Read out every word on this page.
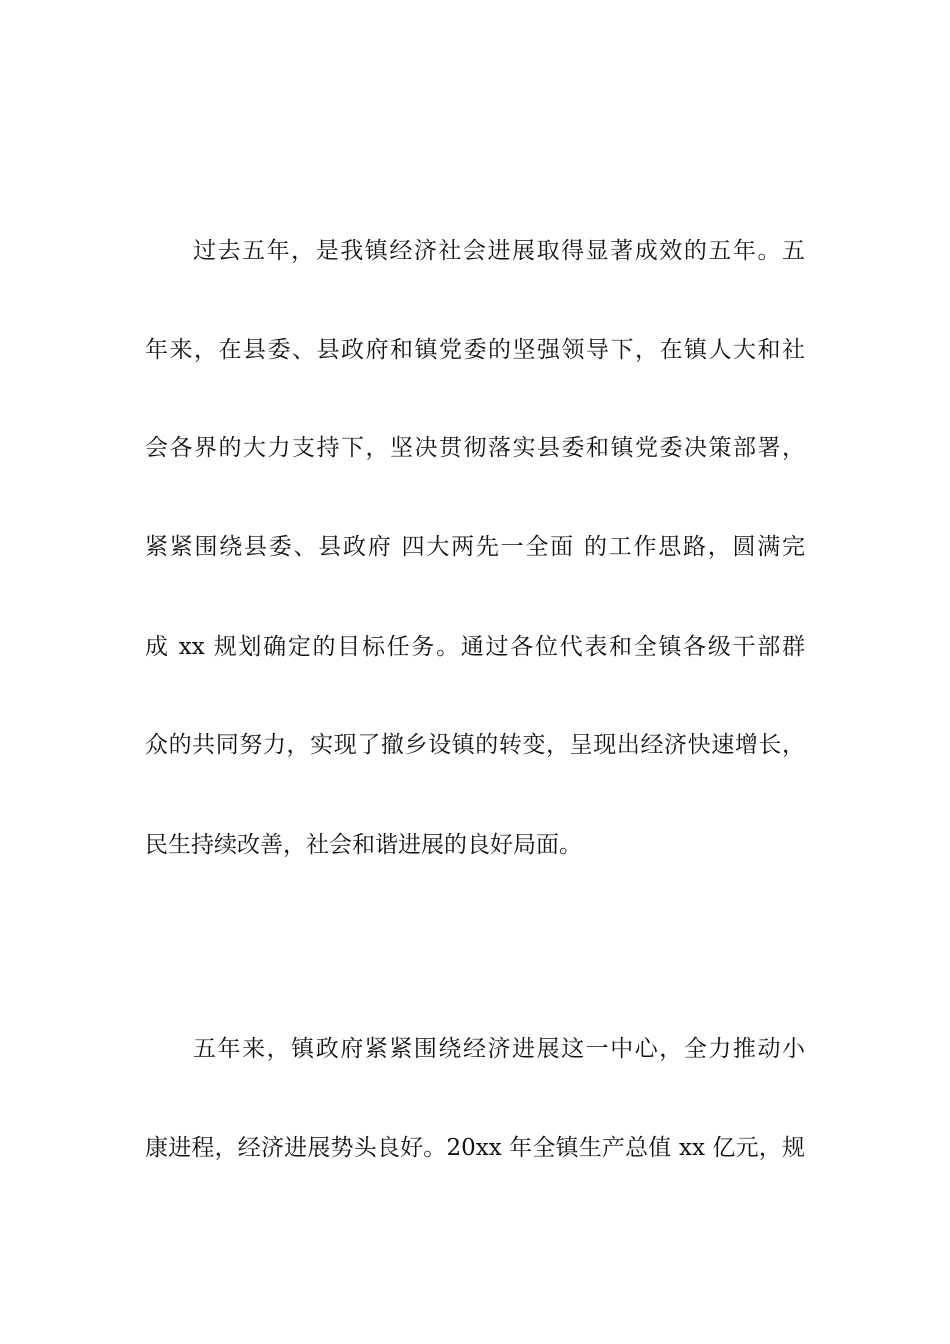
过去五年，是我镇经济社会进展取得显著成效的五年。五
年来，在县委、县政府和镇党委的坚强领导下，在镇人大和社
会各界的大力支持下，坚决贯彻落实县委和镇党委决策部署，
紧紧围绕县委、县政府 四大两先一全面 的工作思路，圆满完
成 xx 规划确定的目标任务。通过各位代表和全镇各级干部群
众的共同努力，实现了撤乡设镇的转变，呈现出经济快速增长，
民生持续改善，社会和谐进展的良好局面。
五年来，镇政府紧紧围绕经济进展这一中心，全力推动小
康进程，经济进展势头良好。20xx 年全镇生产总值 xx 亿元，规
